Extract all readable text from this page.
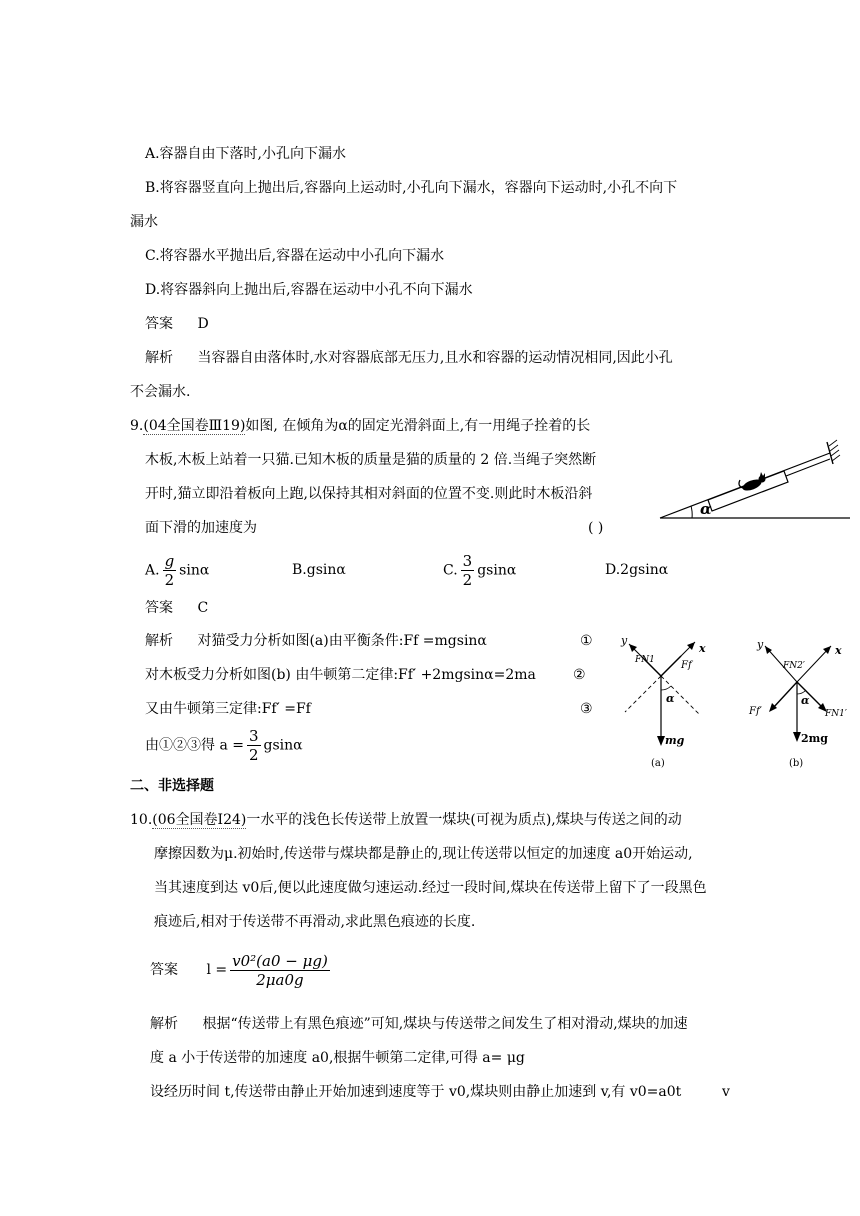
A.容器自由下落时,小孔向下漏水
B.将容器竖直向上抛出后,容器向上运动时,小孔向下漏水，容器向下运动时,小孔不向下
漏水
C.将容器水平抛出后,容器在运动中小孔向下漏水
D.将容器斜向上抛出后,容器在运动中小孔不向下漏水
答案 D
解析 当容器自由落体时,水对容器底部无压力,且水和容器的运动情况相同,因此小孔
不会漏水.
9.(04全国卷Ⅲ19)如图, 在倾角为α的固定光滑斜面上,有一用绳子拴着的长
木板,木板上站着一只猫.已知木板的质量是猫的质量的 2 倍.当绳子突然断
开时,猫立即沿着板向上跑,以保持其相对斜面的位置不变.则此时木板沿斜
面下滑的加速度为	( )
α
A. $\frac{g}{2}$ sinα	B.gsinα	C. $\frac{3}{2}$ gsinα	D.2gsinα
答案 C
解析 对猫受力分析如图(a)由平衡条件:Ff =mgsinα	①
对木板受力分析如图(b) 由牛顿第二定律:Ff′ +2mgsinα=2ma	②
又由牛顿第三定律:Ff′ =Ff	③
由①②③得 $a = \frac{3}{2}$ gsinα
y
x
FN1	Ff
α
mg
(a)
y	x
FN2′
Ff′	FN1′
α
2mg
(b)
二、非选择题
10.(06全国卷Ⅰ24)一水平的浅色长传送带上放置一煤块(可视为质点),煤块与传送之间的动
摩擦因数为μ.初始时,传送带与煤块都是静止的,现让传送带以恒定的加速度 a0开始运动,
当其速度到达 v0后,便以此速度做匀速运动.经过一段时间,煤块在传送带上留下了一段黑色
痕迹后,相对于传送带不再滑动,求此黑色痕迹的长度.
答案 $l = \frac{\text{v0²(a0 − μg)}}{2\mu a0g}$
解析 根据“传送带上有黑色痕迹”可知,煤块与传送带之间发生了相对滑动,煤块的加速
度 a 小于传送带的加速度 a0,根据牛顿第二定律,可得 a= μg
设经历时间 t,传送带由静止开始加速到速度等于 v0,煤块则由静止加速到 v,有 v0=a0t	v
